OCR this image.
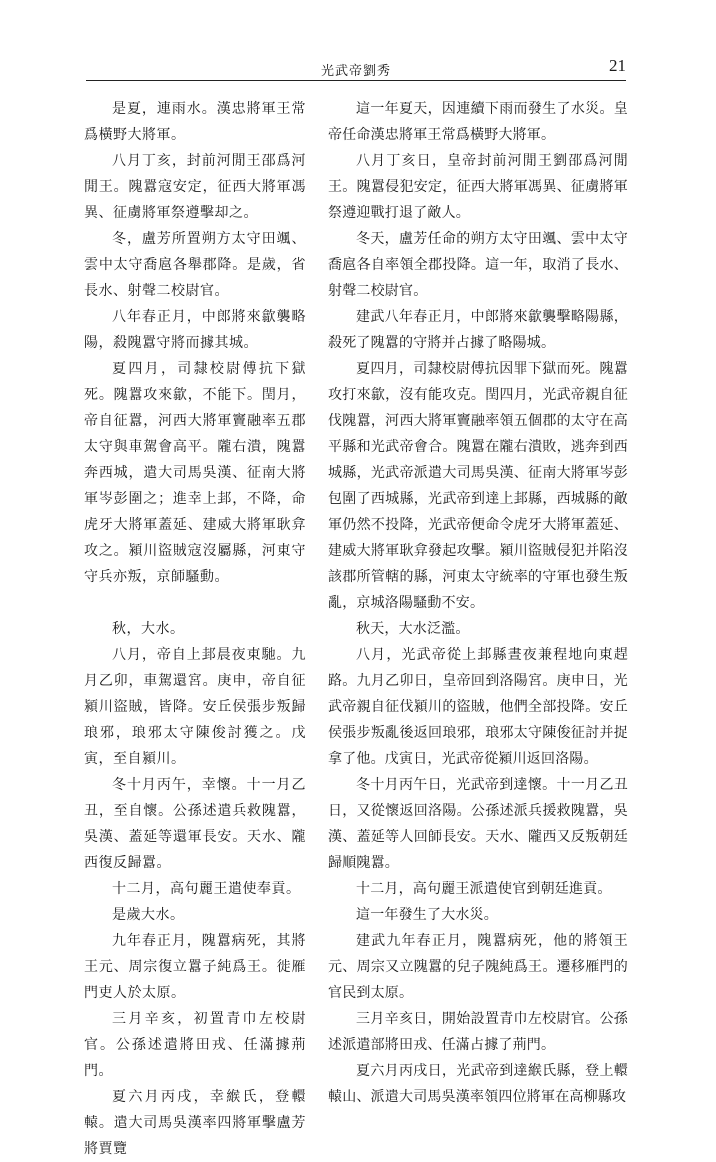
光武帝劉秀	21

是夏，連雨水。漢忠將軍王常爲橫野大將軍。

八月丁亥，封前河閒王邵爲河閒王。隗囂寇安定，征西大將軍馮異、征虜將軍祭遵擊却之。

冬，盧芳所置朔方太守田颯、雲中太守喬扈各舉郡降。是歲，省長水、射聲二校尉官。

八年春正月，中郎將來歙襲略陽，殺隗囂守將而據其城。

夏四月，司隸校尉傅抗下獄死。隗囂攻來歙，不能下。閏月，帝自征囂，河西大將軍竇融率五郡太守與車駕會高平。隴右潰，隗囂奔西城，遣大司馬吳漢、征南大將軍岑彭圍之；進幸上邽，不降，命虎牙大將軍蓋延、建威大將軍耿弇攻之。潁川盜賊寇沒屬縣，河東守守兵亦叛，京師騷動。

秋，大水。

八月，帝自上邽晨夜東馳。九月乙卯，車駕還宮。庚申，帝自征潁川盜賊，皆降。安丘侯張步叛歸琅邪，琅邪太守陳俊討獲之。戊寅，至自潁川。

冬十月丙午，幸懷。十一月乙丑，至自懷。公孫述遣兵救隗囂，吳漢、蓋延等還軍長安。天水、隴西復反歸囂。

十二月，高句麗王遣使奉貢。

是歲大水。

九年春正月，隗囂病死，其將王元、周宗復立囂子純爲王。徙雁門吏人於太原。

三月辛亥，初置青巾左校尉官。公孫述遣將田戎、任滿據荊門。

夏六月丙戌，幸緱氏，登轘轅。遣大司馬吳漢率四將軍擊盧芳將賈覽

這一年夏天，因連續下雨而發生了水災。皇帝任命漢忠將軍王常爲橫野大將軍。

八月丁亥日，皇帝封前河閒王劉邵爲河閒王。隗囂侵犯安定，征西大將軍馮異、征虜將軍祭遵迎戰打退了敵人。

冬天，盧芳任命的朔方太守田颯、雲中太守喬扈各自率領全郡投降。這一年，取消了長水、射聲二校尉官。

建武八年春正月，中郎將來歙襲擊略陽縣，殺死了隗囂的守將并占據了略陽城。

夏四月，司隸校尉傅抗因罪下獄而死。隗囂攻打來歙，沒有能攻克。閏四月，光武帝親自征伐隗囂，河西大將軍竇融率領五個郡的太守在高平縣和光武帝會合。隗囂在隴右潰敗，逃奔到西城縣，光武帝派遣大司馬吳漢、征南大將軍岑彭包圍了西城縣，光武帝到達上邽縣，西城縣的敵軍仍然不投降，光武帝便命令虎牙大將軍蓋延、建威大將軍耿弇發起攻擊。潁川盜賊侵犯并陷沒該郡所管轄的縣，河東太守統率的守軍也發生叛亂，京城洛陽騷動不安。

秋天，大水泛濫。

八月，光武帝從上邽縣晝夜兼程地向東趕路。九月乙卯日，皇帝回到洛陽宮。庚申日，光武帝親自征伐潁川的盜賊，他們全部投降。安丘侯張步叛亂後返回琅邪，琅邪太守陳俊征討并捉拿了他。戊寅日，光武帝從潁川返回洛陽。

冬十月丙午日，光武帝到達懷。十一月乙丑日，又從懷返回洛陽。公孫述派兵援救隗囂，吳漢、蓋延等人回師長安。天水、隴西又反叛朝廷歸順隗囂。

十二月，高句麗王派遣使官到朝廷進貢。

這一年發生了大水災。

建武九年春正月，隗囂病死，他的將領王元、周宗又立隗囂的兒子隗純爲王。遷移雁門的官民到太原。

三月辛亥日，開始設置青巾左校尉官。公孫述派遣部將田戎、任滿占據了荊門。

夏六月丙戌日，光武帝到達緱氏縣，登上轘轅山、派遣大司馬吳漢率領四位將軍在高柳縣攻
